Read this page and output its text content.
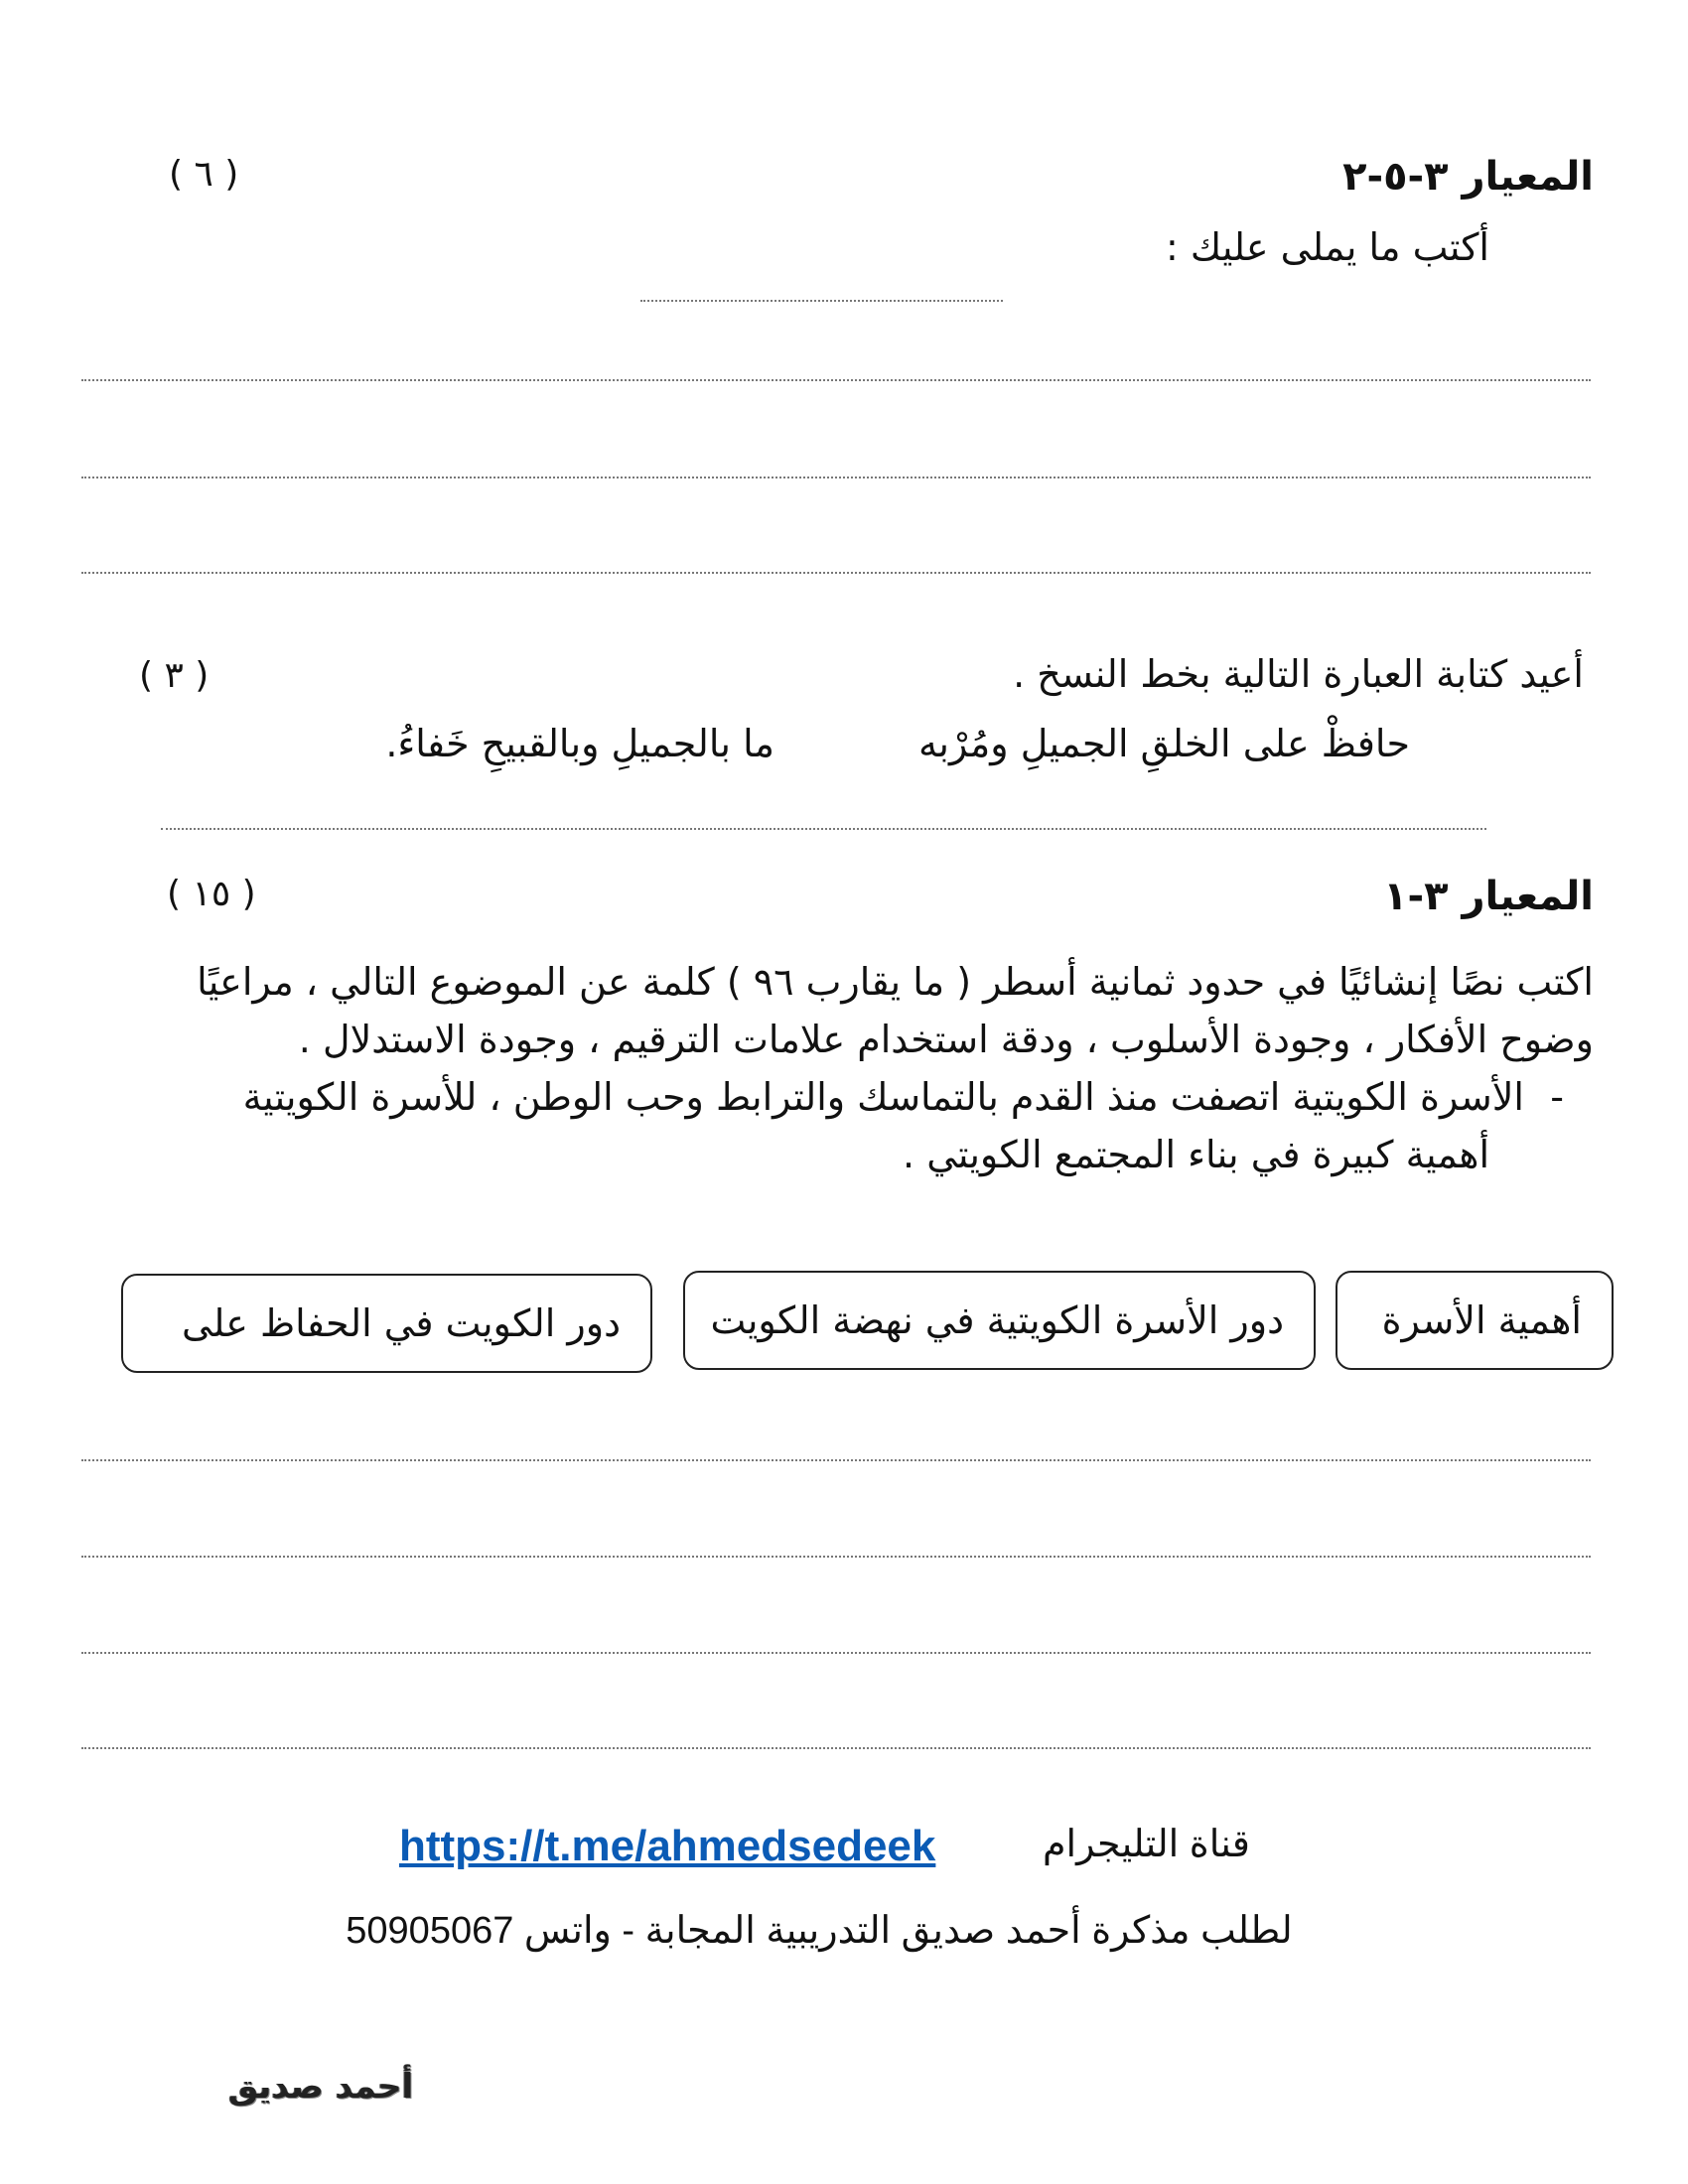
المعيار ٣-٥-٢
( ٦ )
أكتب ما يملى عليك :
أعيد كتابة العبارة التالية بخط النسخ .
( ٣ )
حافظْ على الخلقِ الجميلِ ومُرْبه
ما بالجميلِ وبالقبيحِ خَفاءُ.
المعيار ٣-١
( ١٥ )
اكتب نصًا إنشائيًا في حدود ثمانية أسطر ( ما يقارب ٩٦ ) كلمة عن الموضوع التالي ، مراعيًا
وضوح الأفكار ، وجودة الأسلوب ، ودقة استخدام علامات الترقيم ، وجودة الاستدلال .
-
الأسرة الكويتية اتصفت منذ القدم بالتماسك والترابط وحب الوطن ، للأسرة الكويتية
أهمية كبيرة في بناء المجتمع الكويتي .
أهمية الأسرة
دور الأسرة الكويتية في نهضة الكويت
دور الكويت في الحفاظ على
قناة التليجرام
https://t.me/ahmedsedeek
لطلب مذكرة أحمد صديق التدريبية المجابة - واتس 50905067
أحمد صديق
